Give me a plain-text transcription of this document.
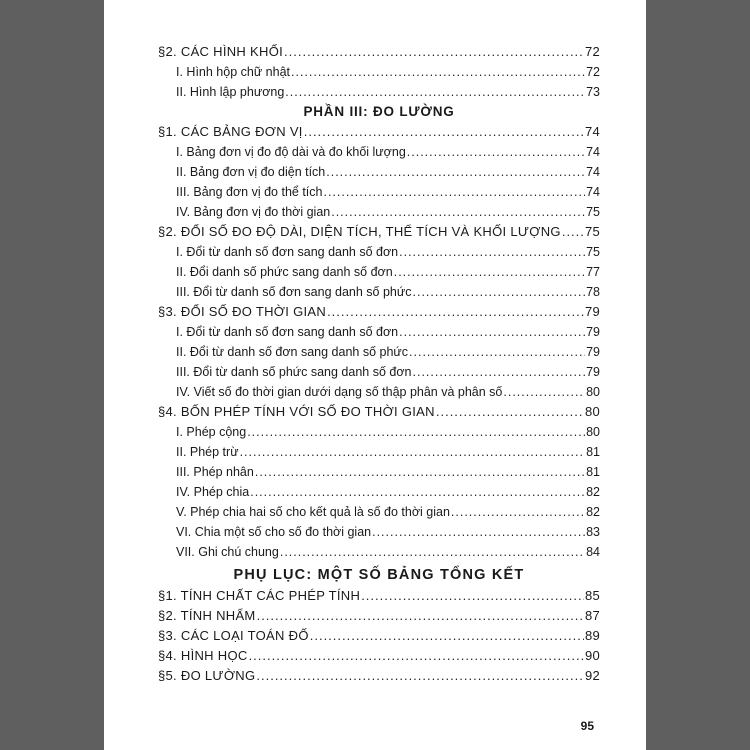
§2. CÁC HÌNH KHỐI .....	72
I. Hình hộp chữ nhật .....	72
II. Hình lập phương .....	73
PHẦN III: ĐO LƯỜNG
§1. CÁC BẢNG ĐƠN VỊ .....	74
I. Bảng đơn vị đo độ dài và đo khối lượng .....	74
II. Bảng đơn vị đo diện tích .....	74
III. Bảng đơn vị đo thể tích .....	74
IV. Bảng đơn vị đo thời gian .....	75
§2. ĐỔI SỐ ĐO ĐỘ DÀI, DIỆN TÍCH, THỂ TÍCH VÀ KHỐI LƯỢNG ..... 75
I. Đổi từ danh số đơn sang danh số đơn .....	75
II. Đổi danh số phức sang danh số đơn .....	77
III. Đổi từ danh số đơn sang danh số phức .....	78
§3. ĐỔI SỐ ĐO THỜI GIAN .....	79
I. Đổi từ danh số đơn sang danh số đơn .....	79
II. Đổi từ danh số đơn sang danh số phức .....	79
III. Đổi từ danh số phức sang danh số đơn .....	79
IV. Viết số đo thời gian dưới dạng số thập phân và phân số .....	80
§4. BỐN PHÉP TÍNH VỚI SỐ ĐO THỜI GIAN .....	80
I. Phép cộng .....	80
II. Phép trừ .....	81
III. Phép nhân .....	81
IV. Phép chia .....	82
V. Phép chia hai số cho kết quả là số đo thời gian .....	82
VI. Chia một số cho số đo thời gian .....	83
VII. Ghi chú chung .....	84
PHỤ LỤC: MỘT SỐ BẢNG TỔNG KẾT
§1. TÍNH CHẤT CÁC PHÉP TÍNH .....	85
§2. TÍNH NHẨM .....	87
§3. CÁC LOẠI TOÁN ĐỐ .....	89
§4. HÌNH HỌC .....	90
§5. ĐO LƯỜNG .....	92
95
